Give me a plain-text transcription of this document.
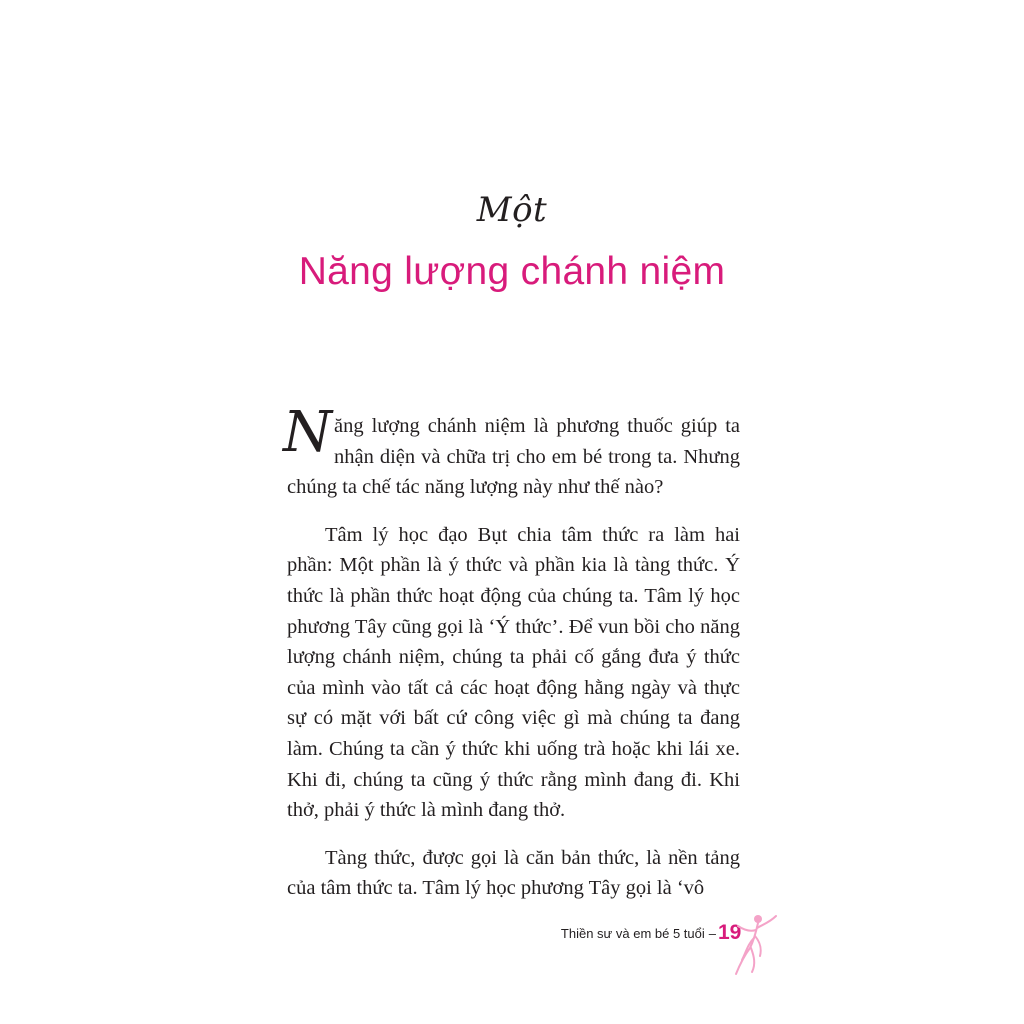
Một
Năng lượng chánh niệm

Năng lượng chánh niệm là phương thuốc giúp ta nhận diện và chữa trị cho em bé trong ta. Nhưng chúng ta chế tác năng lượng này như thế nào?

Tâm lý học đạo Bụt chia tâm thức ra làm hai phần: Một phần là ý thức và phần kia là tàng thức. Ý thức là phần thức hoạt động của chúng ta. Tâm lý học phương Tây cũng gọi là ‘Ý thức’. Để vun bồi cho năng lượng chánh niệm, chúng ta phải cố gắng đưa ý thức của mình vào tất cả các hoạt động hằng ngày và thực sự có mặt với bất cứ công việc gì mà chúng ta đang làm. Chúng ta cần ý thức khi uống trà hoặc khi lái xe. Khi đi, chúng ta cũng ý thức rằng mình đang đi. Khi thở, phải ý thức là mình đang thở.

Tàng thức, được gọi là căn bản thức, là nền tảng của tâm thức ta. Tâm lý học phương Tây gọi là ‘vô

Thiền sư và em bé 5 tuổi – 19
